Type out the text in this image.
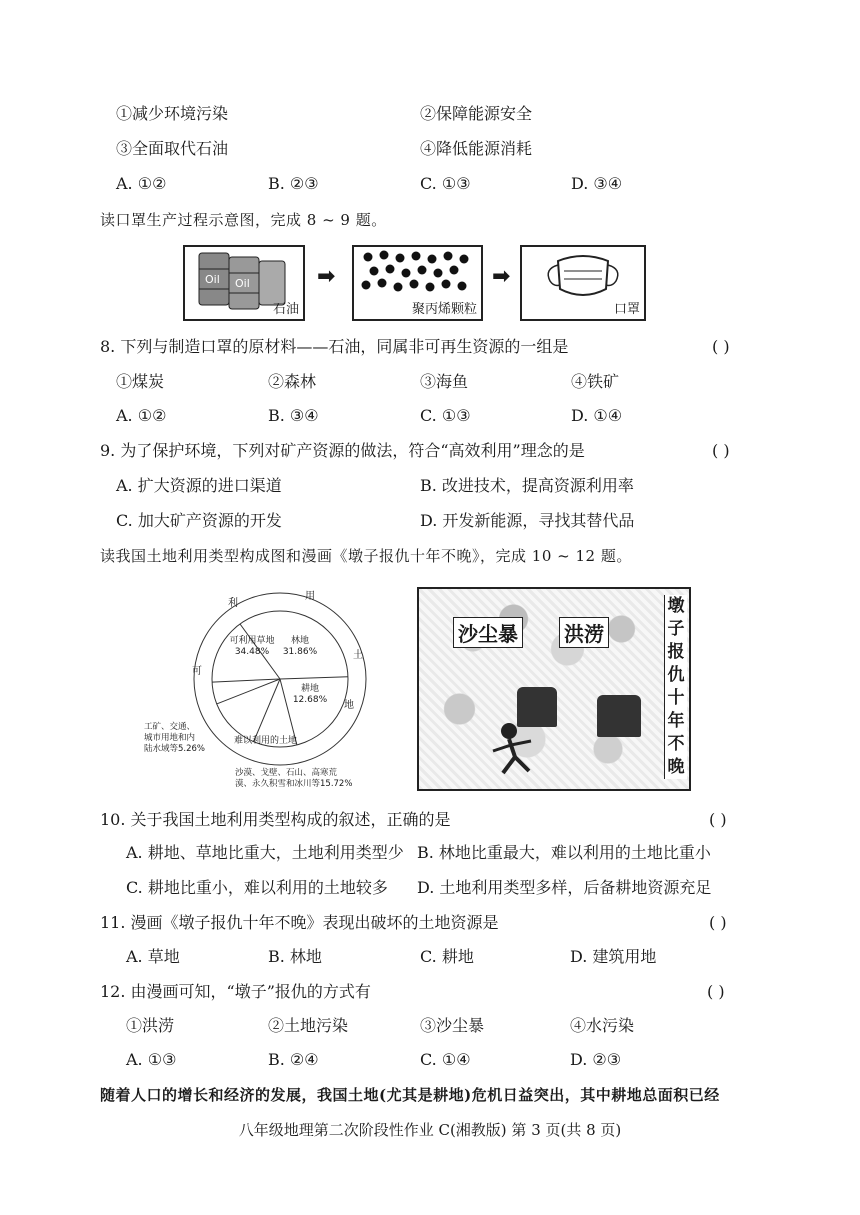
①减少环境污染	②保障能源安全
③全面取代石油	④降低能源消耗
A. ①②	B. ②③	C. ①③	D. ③④
读口罩生产过程示意图，完成 8 ~ 9 题。
Oil Oil
石油
➡
聚丙烯颗粒
➡
口罩
8. 下列与制造口罩的原材料——石油，同属非可再生资源的一组是	( )
①煤炭	②森林	③海鱼	④铁矿
A. ①②	B. ③④	C. ①③	D. ①④
9. 为了保护环境，下列对矿产资源的做法，符合“高效利用”理念的是	( )
A. 扩大资源的进口渠道	B. 改进技术，提高资源利用率
C. 加大矿产资源的开发	D. 开发新能源，寻找其替代品
读我国土地利用类型构成图和漫画《墩子报仇十年不晚》，完成 10 ~ 12 题。
可
利
用
土
地
可利用草地
34.48%
林地
31.86%
耕地
12.68%
难以利用的土地
工矿、交通、
城市用地和内
陆水域等5.26%
沙漠、戈壁、石山、高寒荒
漠、永久积雪和冰川等15.72%
沙尘暴 洪涝
墩子报仇十年不晚
10. 关于我国土地利用类型构成的叙述，正确的是	( )
A. 耕地、草地比重大，土地利用类型少 B. 林地比重最大，难以利用的土地比重小
C. 耕地比重小，难以利用的土地较多 D. 土地利用类型多样，后备耕地资源充足
11. 漫画《墩子报仇十年不晚》表现出破坏的土地资源是	( )
A. 草地	B. 林地	C. 耕地	D. 建筑用地
12. 由漫画可知，“墩子”报仇的方式有	( )
①洪涝	②土地污染	③沙尘暴	④水污染
A. ①③	B. ②④	C. ①④	D. ②③
随着人口的增长和经济的发展，我国土地(尤其是耕地)危机日益突出，其中耕地总面积已经
八年级地理第二次阶段性作业 C(湘教版) 第 3 页(共 8 页)
